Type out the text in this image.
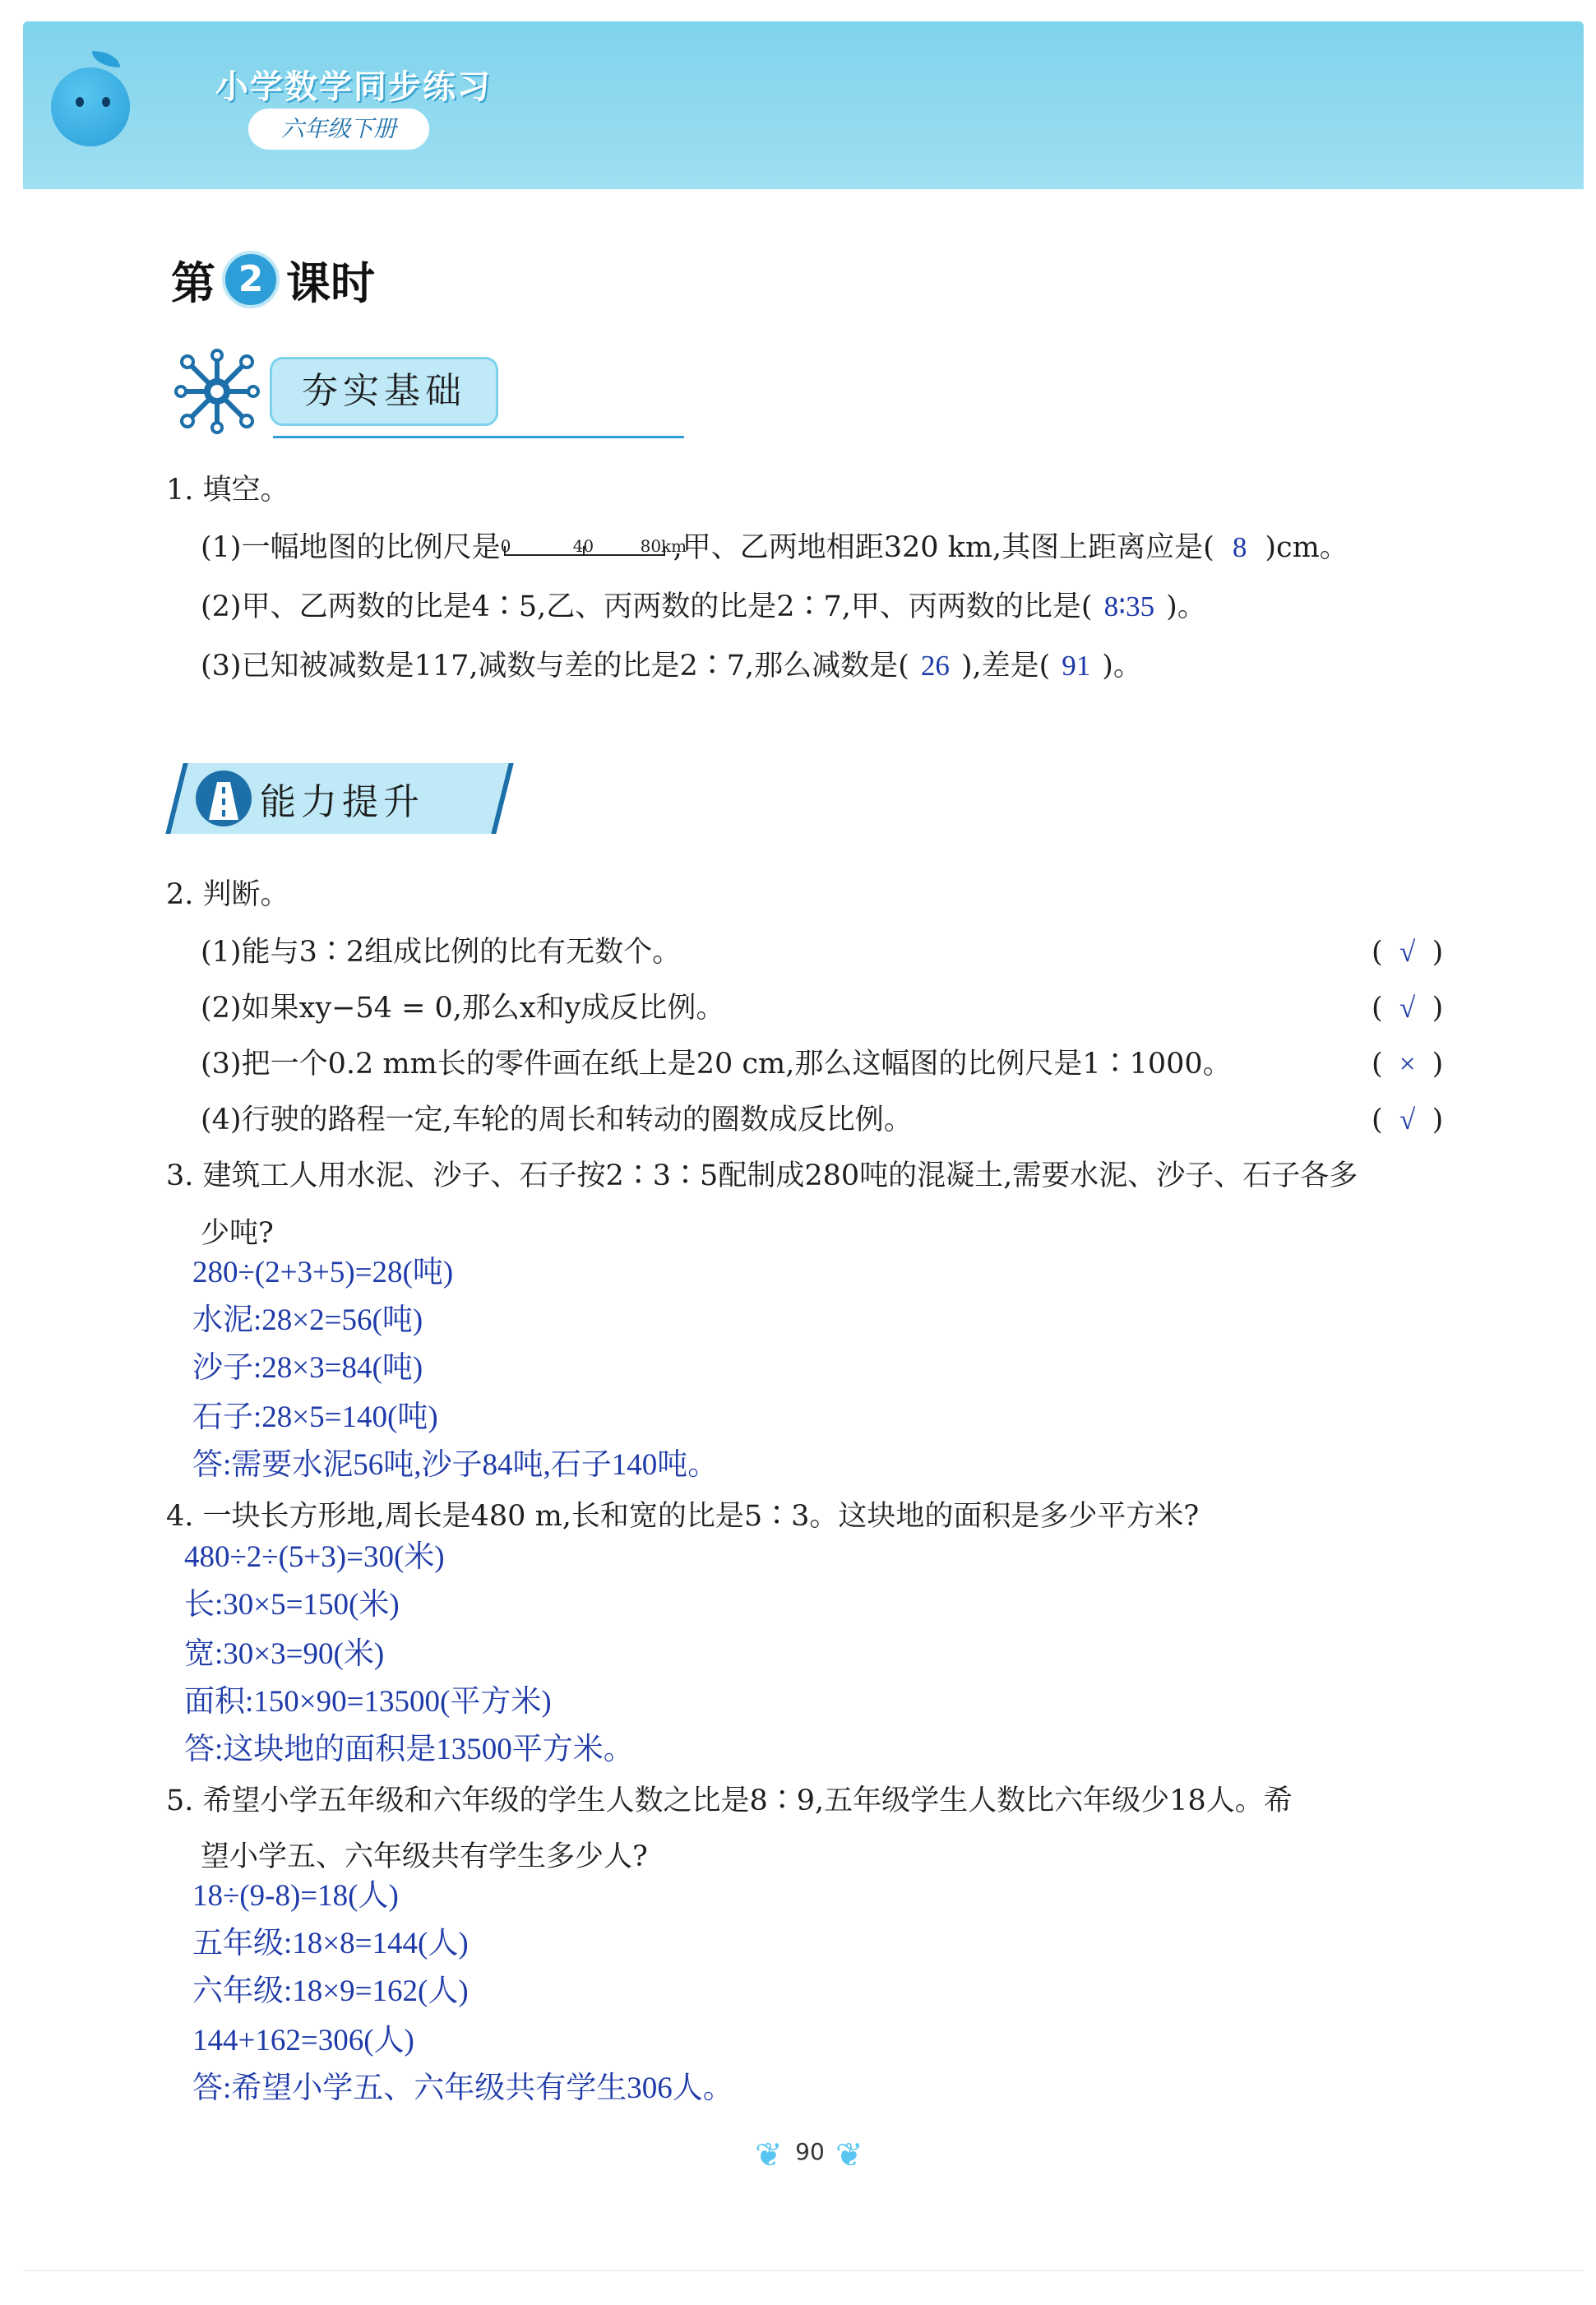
小学数学同步练习
六年级下册
第 2 课时
夯实基础
1. 填空。
(1)一幅地图的比例尺是 0	40	80km
,甲、乙两地相距320 km,其图上距离应是( 8 )cm。
(2)甲、乙两数的比是4∶5,乙、丙两数的比是2∶7,甲、丙两数的比是( 8∶35 )。
(3)已知被减数是117,减数与差的比是2∶7,那么减数是( 26 ),差是( 91 )。
能力提升
2. 判断。
(1)能与3∶2组成比例的比有无数个。	( √ )
(2)如果xy−54 = 0,那么x和y成反比例。	( √ )
(3)把一个0.2 mm长的零件画在纸上是20 cm,那么这幅图的比例尺是1∶1000。	( × )
(4)行驶的路程一定,车轮的周长和转动的圈数成反比例。	( √ )
3. 建筑工人用水泥、沙子、石子按2∶3∶5配制成280吨的混凝土,需要水泥、沙子、石子各多
少吨?
280÷(2+3+5)=28(吨)
水泥:28×2=56(吨)
沙子:28×3=84(吨)
石子:28×5=140(吨)
答:需要水泥56吨,沙子84吨,石子140吨。
4. 一块长方形地,周长是480 m,长和宽的比是5∶3。这块地的面积是多少平方米?
480÷2÷(5+3)=30(米)
长:30×5=150(米)
宽:30×3=90(米)
面积:150×90=13500(平方米)
答:这块地的面积是13500平方米。
5. 希望小学五年级和六年级的学生人数之比是8∶9,五年级学生人数比六年级少18人。希
望小学五、六年级共有学生多少人?
18÷(9-8)=18(人)
五年级:18×8=144(人)
六年级:18×9=162(人)
144+162=306(人)
答:希望小学五、六年级共有学生306人。
❦ 90 ❦
